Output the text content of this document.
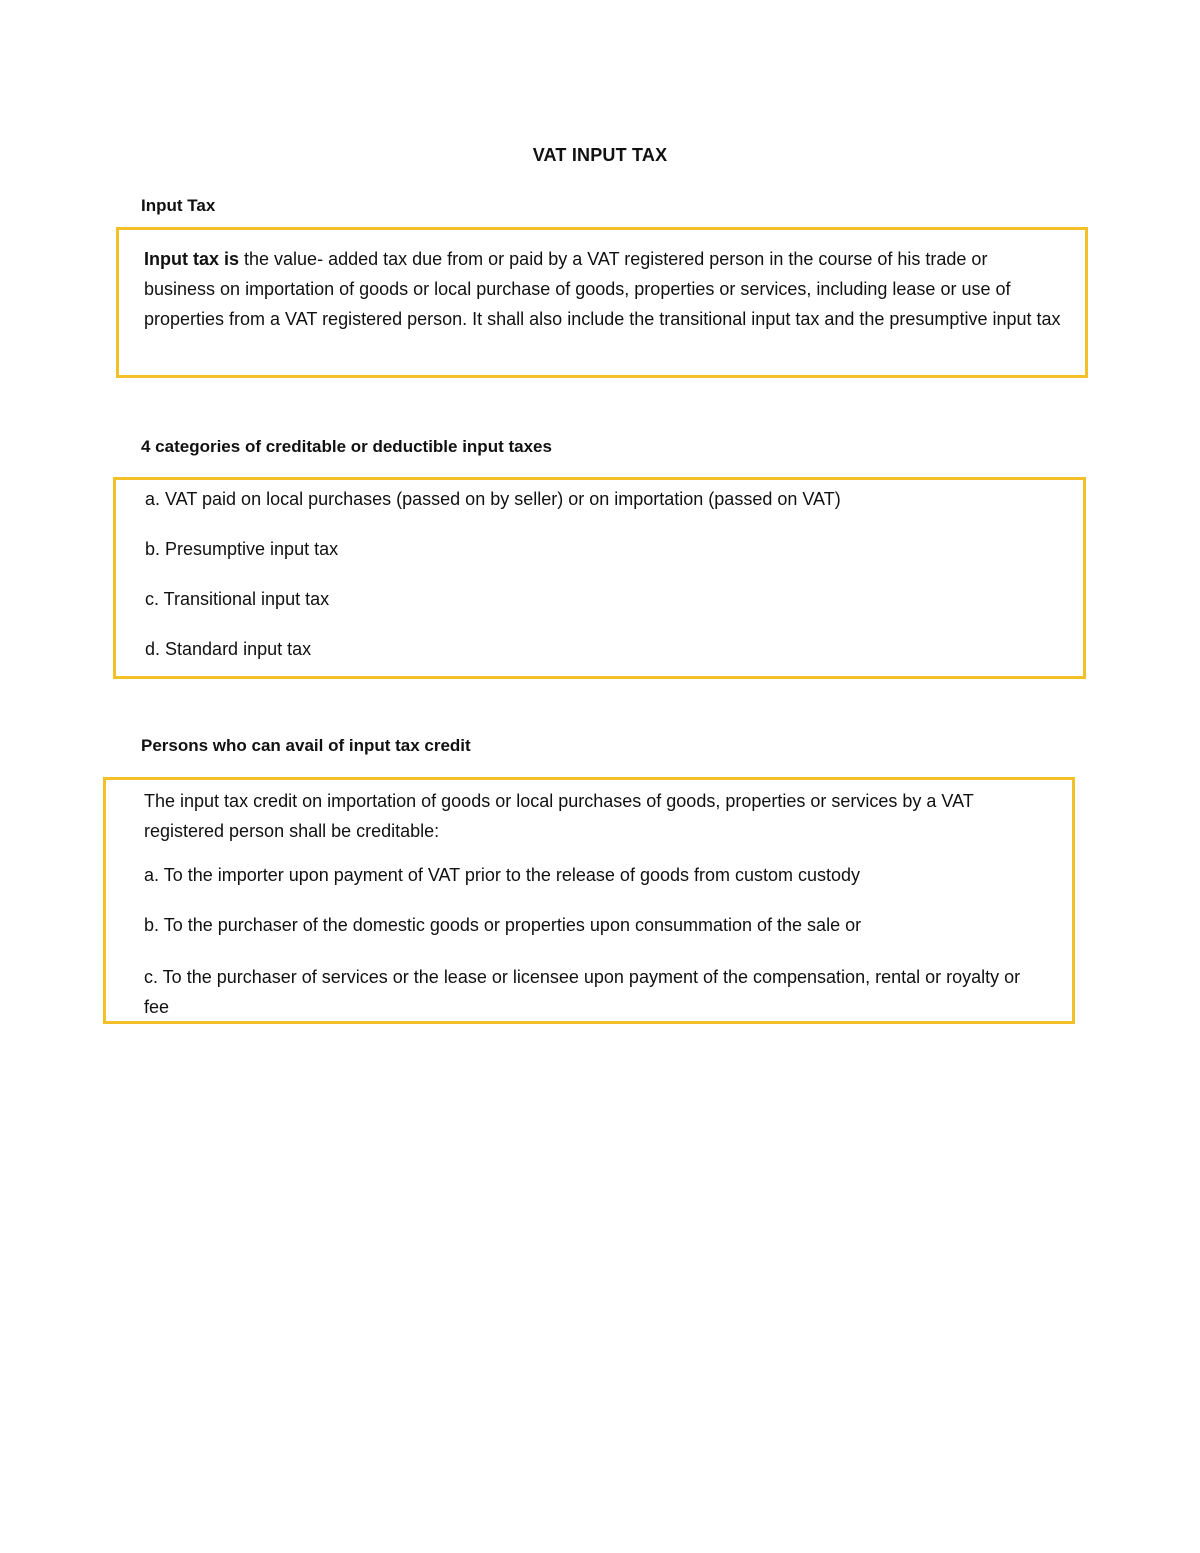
VAT INPUT TAX
Input Tax

Input tax is the value- added tax due from or paid by a VAT registered person in the course of his trade or business on importation of goods or local purchase of goods, properties or services, including lease or use of properties from a VAT registered person. It shall also include the transitional input tax and the presumptive input tax

4 categories of creditable or deductible input taxes

a. VAT paid on local purchases (passed on by seller) or on importation (passed on VAT)

b. Presumptive input tax

c. Transitional input tax

d. Standard input tax

Persons who can avail of input tax credit

The input tax credit on importation of goods or local purchases of goods, properties or services by a VAT registered person shall be creditable:

a. To the importer upon payment of VAT prior to the release of goods from custom custody

b. To the purchaser of the domestic goods or properties upon consummation of the sale or

c. To the purchaser of services or the lease or licensee upon payment of the compensation, rental or royalty or fee
